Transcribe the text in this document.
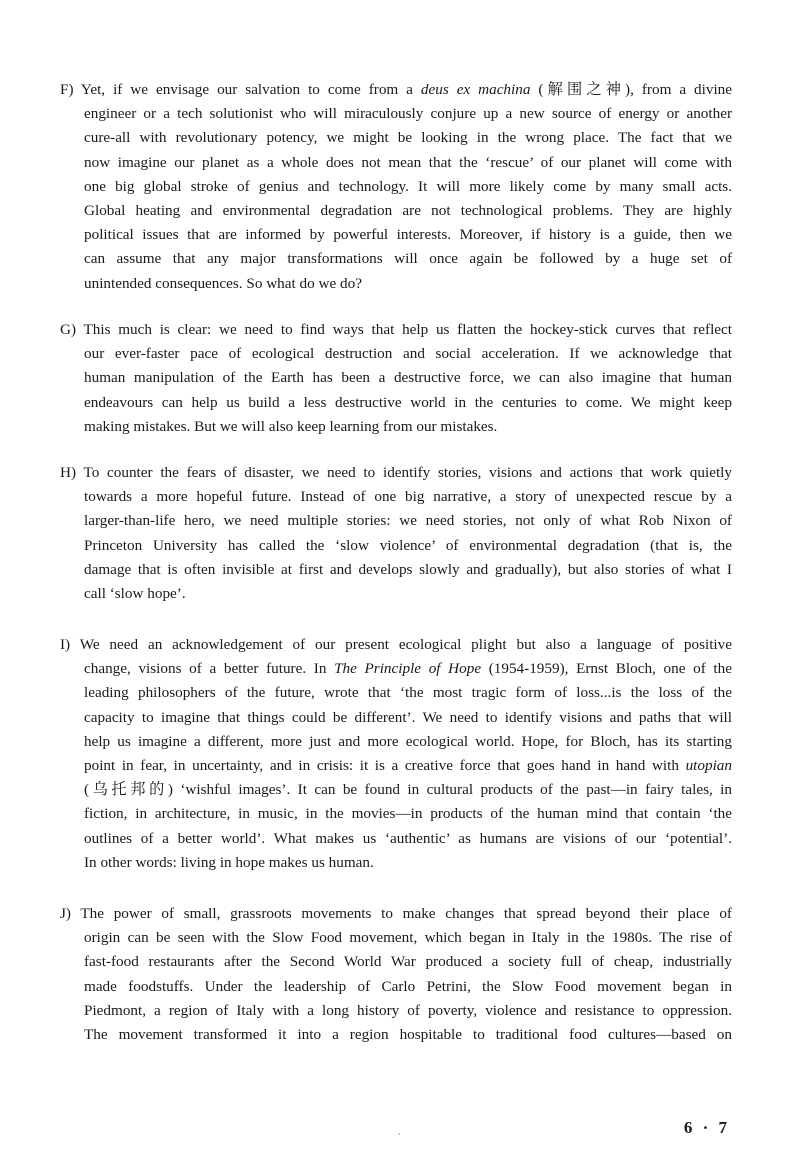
F) Yet, if we envisage our salvation to come from a deus ex machina (解围之神), from a divine
engineer or a tech solutionist who will miraculously conjure up a new source of energy or another
cure-all with revolutionary potency, we might be looking in the wrong place. The fact that we
now imagine our planet as a whole does not mean that the ‘rescue’ of our planet will come with
one big global stroke of genius and technology. It will more likely come by many small acts.
Global heating and environmental degradation are not technological problems. They are highly
political issues that are informed by powerful interests. Moreover, if history is a guide, then we
can assume that any major transformations will once again be followed by a huge set of
unintended consequences. So what do we do?
G) This much is clear: we need to find ways that help us flatten the hockey-stick curves that reflect
our ever-faster pace of ecological destruction and social acceleration. If we acknowledge that
human manipulation of the Earth has been a destructive force, we can also imagine that human
endeavours can help us build a less destructive world in the centuries to come. We might keep
making mistakes. But we will also keep learning from our mistakes.
H) To counter the fears of disaster, we need to identify stories, visions and actions that work quietly
towards a more hopeful future. Instead of one big narrative, a story of unexpected rescue by a
larger-than-life hero, we need multiple stories: we need stories, not only of what Rob Nixon of
Princeton University has called the ‘slow violence’ of environmental degradation (that is, the
damage that is often invisible at first and develops slowly and gradually), but also stories of what I
call ‘slow hope’.
I) We need an acknowledgement of our present ecological plight but also a language of positive
change, visions of a better future. In The Principle of Hope (1954-1959), Ernst Bloch, one of the
leading philosophers of the future, wrote that ‘the most tragic form of loss...is the loss of the
capacity to imagine that things could be different’. We need to identify visions and paths that will
help us imagine a different, more just and more ecological world. Hope, for Bloch, has its starting
point in fear, in uncertainty, and in crisis: it is a creative force that goes hand in hand with utopian
(乌托邦的) ‘wishful images’. It can be found in cultural products of the past—in fairy tales, in
fiction, in architecture, in music, in the movies—in products of the human mind that contain ‘the
outlines of a better world’. What makes us ‘authentic’ as humans are visions of our ‘potential’.
In other words: living in hope makes us human.
J) The power of small, grassroots movements to make changes that spread beyond their place of
origin can be seen with the Slow Food movement, which began in Italy in the 1980s. The rise of
fast-food restaurants after the Second World War produced a society full of cheap, industrially
made foodstuffs. Under the leadership of Carlo Petrini, the Slow Food movement began in
Piedmont, a region of Italy with a long history of poverty, violence and resistance to oppression.
The movement transformed it into a region hospitable to traditional food cultures—based on
6 · 7
